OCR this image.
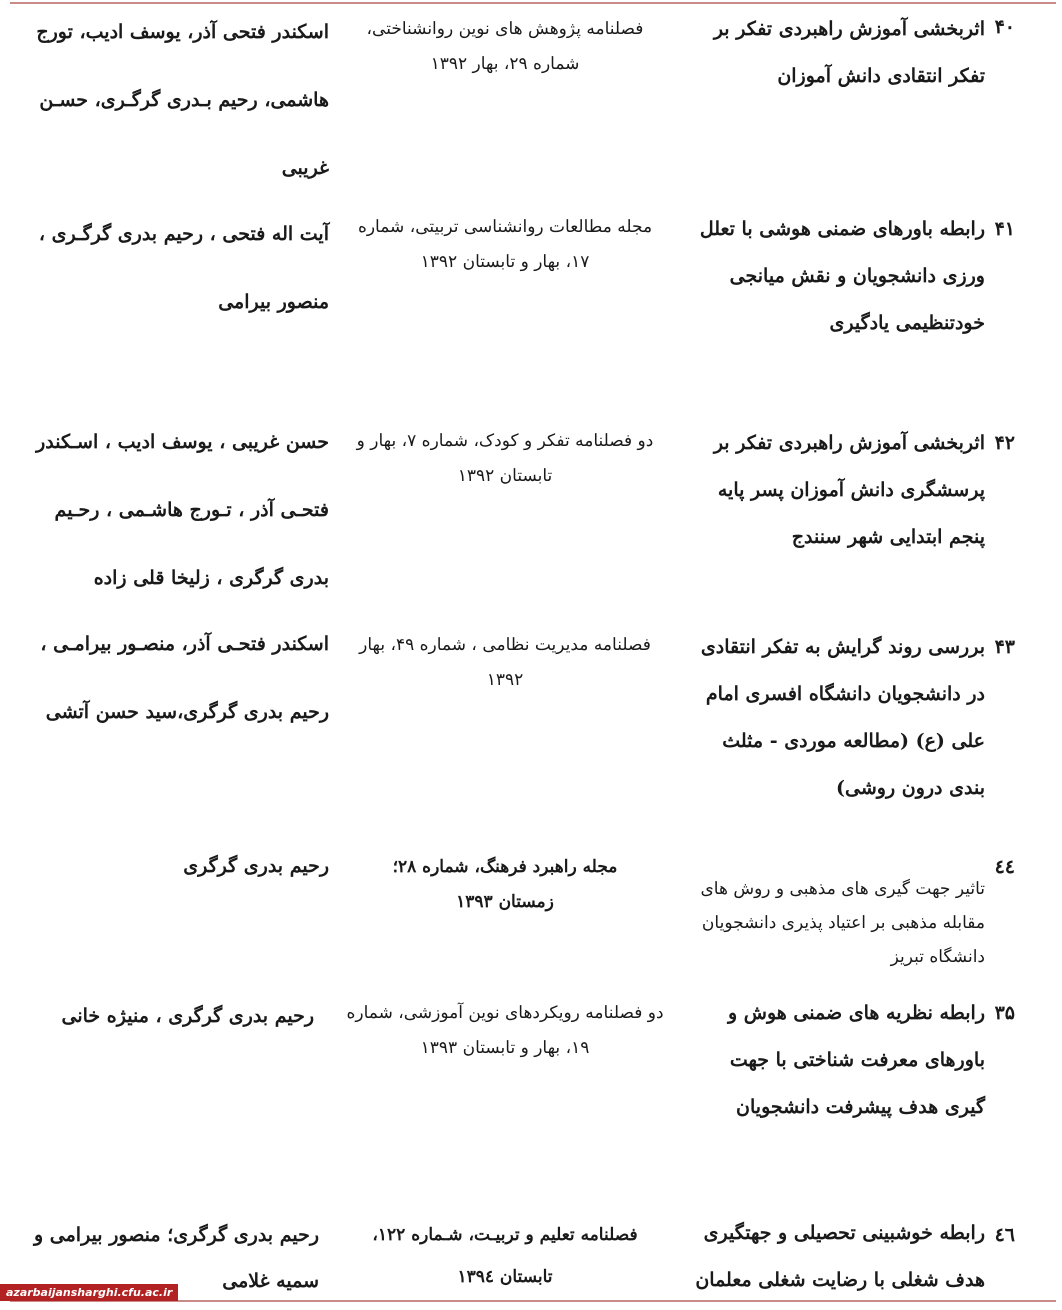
۴۰
اثربخشی آموزش راهبردی تفکر بر تفکر انتقادی دانش آموزان
فصلنامه پژوهش های نوین روانشناختی، شماره ۲۹، بهار ۱۳۹۲
اسکندر فتحی آذر، یوسف ادیب، تورج هاشمی، رحیم بـدری گرگـری، حسـن غریبی
۴۱
رابطه باورهای ضمنی هوشی با تعلل ورزی دانشجویان و نقش میانجی خودتنظیمی یادگیری
مجله مطالعات روانشناسی تربیتی، شماره ۱۷، بهار و تابستان ۱۳۹۲
آیت اله فتحی ، رحیم بدری گرگـری ، منصور بیرامی
۴۲
اثربخشی آموزش راهبردی تفکر بر پرسشگری دانش آموزان پسر پایه پنجم ابتدایی شهر سنندج
دو فصلنامه تفکر و کودک، شماره ۷، بهار و تابستان ۱۳۹۲
حسن غریبی ، یوسف ادیب ، اسـکندر فتحـی آذر ، تـورج هاشـمی ، رحـیم بدری گرگری ، زلیخا قلی زاده
۴۳
بررسی روند گرایش به تفکر انتقادی در دانشجویان دانشگاه افسری امام علی (ع) (مطالعه موردی - مثلث بندی درون روشی)
فصلنامه مدیریت نظامی ، شماره ۴۹، بهار ۱۳۹۲
اسکندر فتحـی آذر، منصـور بیرامـی ، رحیم بدری گرگری،سید حسن آتشی
٤٤
تاثیر جهت گیری های مذهبی و روش های مقابله مذهبی بر اعتیاد پذیری دانشجویان دانشگاه تبریز
مجله راهبرد فرهنگ، شماره ۲۸؛ زمستان ۱۳۹۳
رحیم بدری گرگری
۳۵
رابطه نظریه های ضمنی هوش و باورهای معرفت شناختی با جهت گیری هدف پیشرفت دانشجویان
دو فصلنامه رویکردهای نوین آموزشی، شماره ۱۹، بهار و تابستان ۱۳۹۳
رحیم بدری گرگری ، منیژه خانی
٤٦
رابطه خوشبینی تحصیلی و جهتگیری هدف شغلی با رضایت شغلی معلمان
فصلنامه تعلیم و تربیـت، شـماره ۱۲۲، تابستان ۱۳۹٤
رحیم بدری گرگری؛ منصور بیرامی و سمیه غلامی
azarbaijansharghi.cfu.ac.ir
